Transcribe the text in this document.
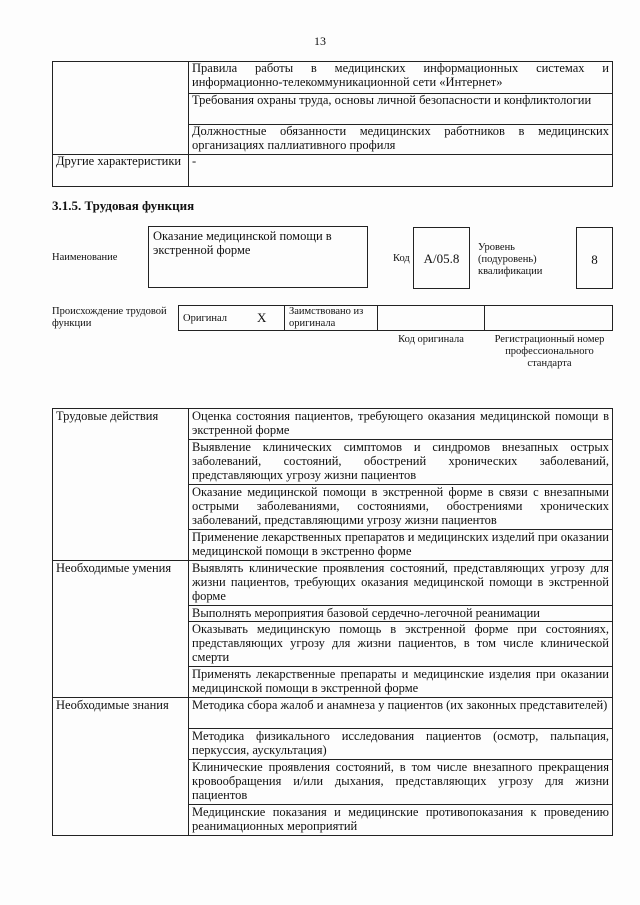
13
	Правила работы в медицинских информационных системах и информационно-телекоммуникационной сети «Интернет»
	Требования охраны труда, основы личной безопасности и конфликтологии
	Должностные обязанности медицинских работников в медицинских организациях паллиативного профиля
Другие характеристики	-
3.1.5. Трудовая функция
Наименование
Оказание медицинской помощи в экстренной форме
Код	A/05.8
Уровень (подуровень) квалификации
8
Происхождение трудовой функции	Оригинал X Заимствовано из оригинала
Код оригинала	Регистрационный номер профессионального стандарта
Трудовые действия	Оценка состояния пациентов, требующего оказания медицинской помощи в экстренной форме
	Выявление клинических симптомов и синдромов внезапных острых заболеваний, состояний, обострений хронических заболеваний, представляющих угрозу жизни пациентов
	Оказание медицинской помощи в экстренной форме в связи с внезапными острыми заболеваниями, состояниями, обострениями хронических заболеваний, представляющими угрозу жизни пациентов
	Применение лекарственных препаратов и медицинских изделий при оказании медицинской помощи в экстренно форме
Необходимые умения	Выявлять клинические проявления состояний, представляющих угрозу для жизни пациентов, требующих оказания медицинской помощи в экстренной форме
	Выполнять мероприятия базовой сердечно-легочной реанимации
	Оказывать медицинскую помощь в экстренной форме при состояниях, представляющих угрозу для жизни пациентов, в том числе клинической смерти
	Применять лекарственные препараты и медицинские изделия при оказании медицинской помощи в экстренной форме
Необходимые знания	Методика сбора жалоб и анамнеза у пациентов (их законных представителей)
	Методика физикального исследования пациентов (осмотр, пальпация, перкуссия, аускультация)
	Клинические проявления состояний, в том числе внезапного прекращения кровообращения и/или дыхания, представляющих угрозу для жизни пациентов
	Медицинские показания и медицинские противопоказания к проведению реанимационных мероприятий
